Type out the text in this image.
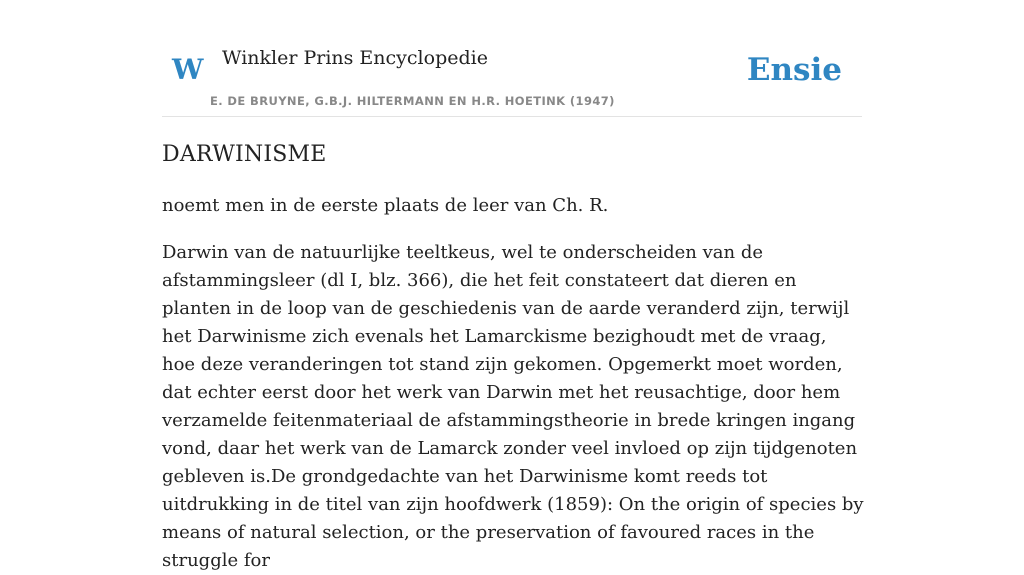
W Winkler Prins Encyclopedie
E. DE BRUYNE, G.B.J. HILTERMANN EN H.R. HOETINK (1947)
Ensie
DARWINISME

noemt men in de eerste plaats de leer van Ch. R.

Darwin van de natuurlijke teeltkeus, wel te onderscheiden van de afstammingsleer (dl I, blz. 366), die het feit constateert dat dieren en planten in de loop van de geschiedenis van de aarde veranderd zijn, terwijl het Darwinisme zich evenals het Lamarckisme bezighoudt met de vraag, hoe deze veranderingen tot stand zijn gekomen. Opgemerkt moet worden, dat echter eerst door het werk van Darwin met het reusachtige, door hem verzamelde feitenmateriaal de afstammingstheorie in brede kringen ingang vond, daar het werk van de Lamarck zonder veel invloed op zijn tijdgenoten gebleven is.De grondgedachte van het Darwinisme komt reeds tot uitdrukking in de titel van zijn hoofdwerk (1859): On the origin of species by means of natural selection, or the preservation of favoured races in the struggle for
